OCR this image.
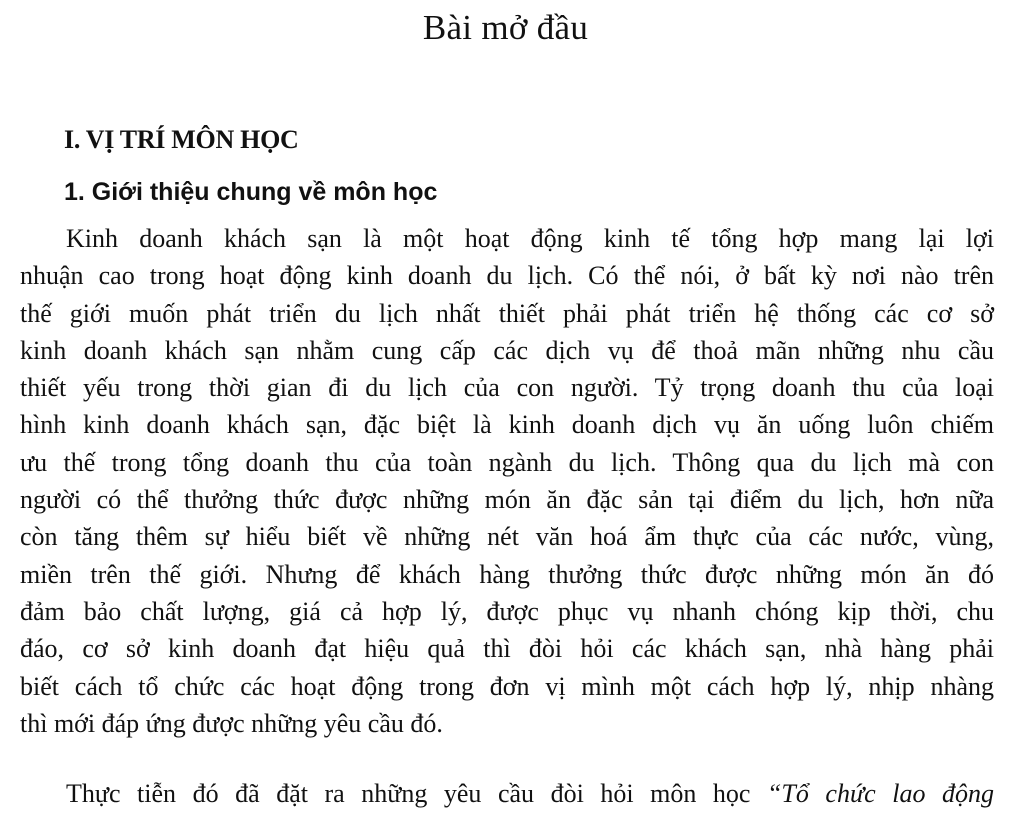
Bài mở đầu
I. VỊ TRÍ MÔN HỌC
1. Giới thiệu chung về môn học
Kinh doanh khách sạn là một hoạt động kinh tế tổng hợp mang lại lợi
nhuận cao trong hoạt động kinh doanh du lịch. Có thể nói, ở bất kỳ nơi nào trên
thế giới muốn phát triển du lịch nhất thiết phải phát triển hệ thống các cơ sở
kinh doanh khách sạn nhằm cung cấp các dịch vụ để thoả mãn những nhu cầu
thiết yếu trong thời gian đi du lịch của con người. Tỷ trọng doanh thu của loại
hình kinh doanh khách sạn, đặc biệt là kinh doanh dịch vụ ăn uống luôn chiếm
ưu thế trong tổng doanh thu của toàn ngành du lịch. Thông qua du lịch mà con
người có thể thưởng thức được những món ăn đặc sản tại điểm du lịch, hơn nữa
còn tăng thêm sự hiểu biết về những nét văn hoá ẩm thực của các nước, vùng,
miền trên thế giới. Nhưng để khách hàng thưởng thức được những món ăn đó
đảm bảo chất lượng, giá cả hợp lý, được phục vụ nhanh chóng kịp thời, chu
đáo, cơ sở kinh doanh đạt hiệu quả thì đòi hỏi các khách sạn, nhà hàng phải
biết cách tổ chức các hoạt động trong đơn vị mình một cách hợp lý, nhịp nhàng
thì mới đáp ứng được những yêu cầu đó.
Thực tiễn đó đã đặt ra những yêu cầu đòi hỏi môn học “Tổ chức lao động
